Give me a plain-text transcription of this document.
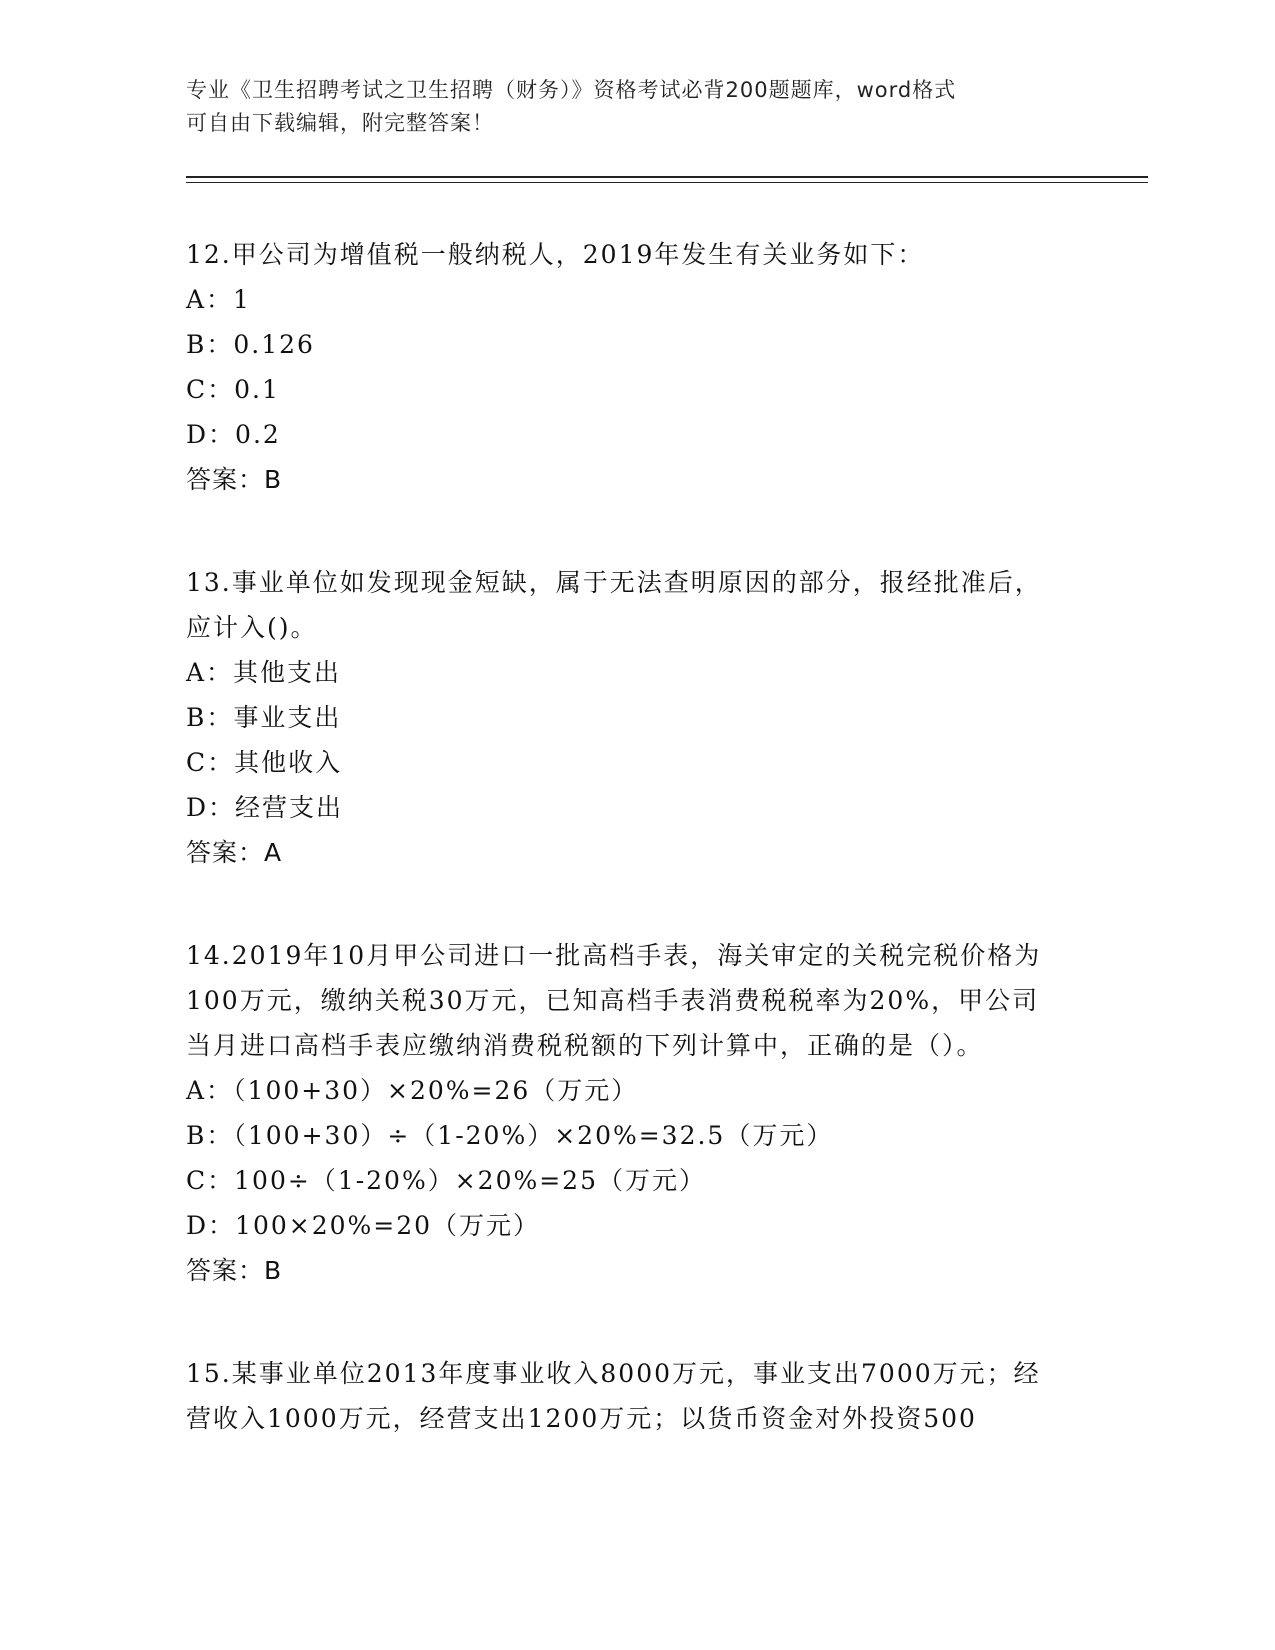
专业《卫生招聘考试之卫生招聘（财务）》资格考试必背200题题库，word格式
可自由下载编辑，附完整答案！
12.甲公司为增值税一般纳税人，2019年发生有关业务如下：
A：1
B：0.126
C：0.1
D：0.2
答案：B
13.事业单位如发现现金短缺，属于无法查明原因的部分，报经批准后，应计入()。
A：其他支出
B：事业支出
C：其他收入
D：经营支出
答案：A
14.2019年10月甲公司进口一批高档手表，海关审定的关税完税价格为100万元，缴纳关税30万元，已知高档手表消费税税率为20%，甲公司当月进口高档手表应缴纳消费税税额的下列计算中，正确的是（）。
A：（100+30）×20%=26（万元）
B：（100+30）÷（1-20%）×20%=32.5（万元）
C：100÷（1-20%）×20%=25（万元）
D：100×20%=20（万元）
答案：B
15.某事业单位2013年度事业收入8000万元，事业支出7000万元；经营收入1000万元，经营支出1200万元；以货币资金对外投资500
